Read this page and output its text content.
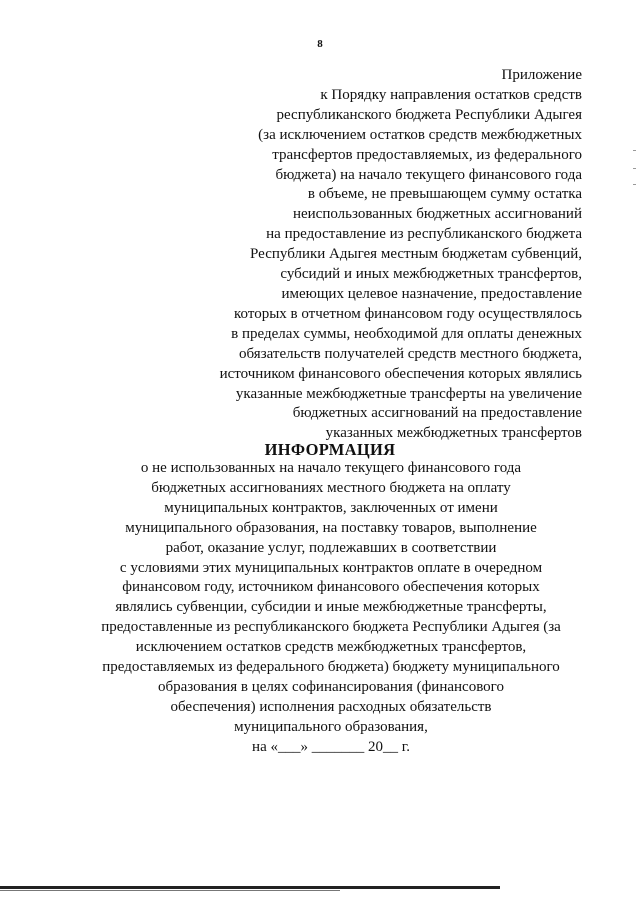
8
Приложение
к Порядку направления остатков средств
республиканского бюджета Республики Адыгея
(за исключением остатков средств межбюджетных
трансфертов предоставляемых, из федерального
бюджета) на начало текущего финансового года
в объеме, не превышающем сумму остатка
неиспользованных бюджетных ассигнований
на предоставление из республиканского бюджета
Республики Адыгея местным бюджетам субвенций,
субсидий и иных межбюджетных трансфертов,
имеющих целевое назначение, предоставление
которых в отчетном финансовом году осуществлялось
в пределах суммы, необходимой для оплаты денежных
обязательств получателей средств местного бюджета,
источником финансового обеспечения которых являлись
указанные межбюджетные трансферты на увеличение
бюджетных ассигнований на предоставление
указанных межбюджетных трансфертов
ИНФОРМАЦИЯ
о не использованных на начало текущего финансового года
бюджетных ассигнованиях местного бюджета на оплату
муниципальных контрактов, заключенных от имени
муниципального образования, на поставку товаров, выполнение
работ, оказание услуг, подлежавших в соответствии
с условиями этих муниципальных контрактов оплате в очередном
финансовом году, источником финансового обеспечения которых
являлись субвенции, субсидии и иные межбюджетные трансферты,
предоставленные из республиканского бюджета Республики Адыгея (за
исключением остатков средств межбюджетных трансфертов,
предоставляемых из федерального бюджета) бюджету муниципального
образования в целях софинансирования (финансового
обеспечения) исполнения расходных обязательств
муниципального образования,
на «___» _______ 20__ г.
